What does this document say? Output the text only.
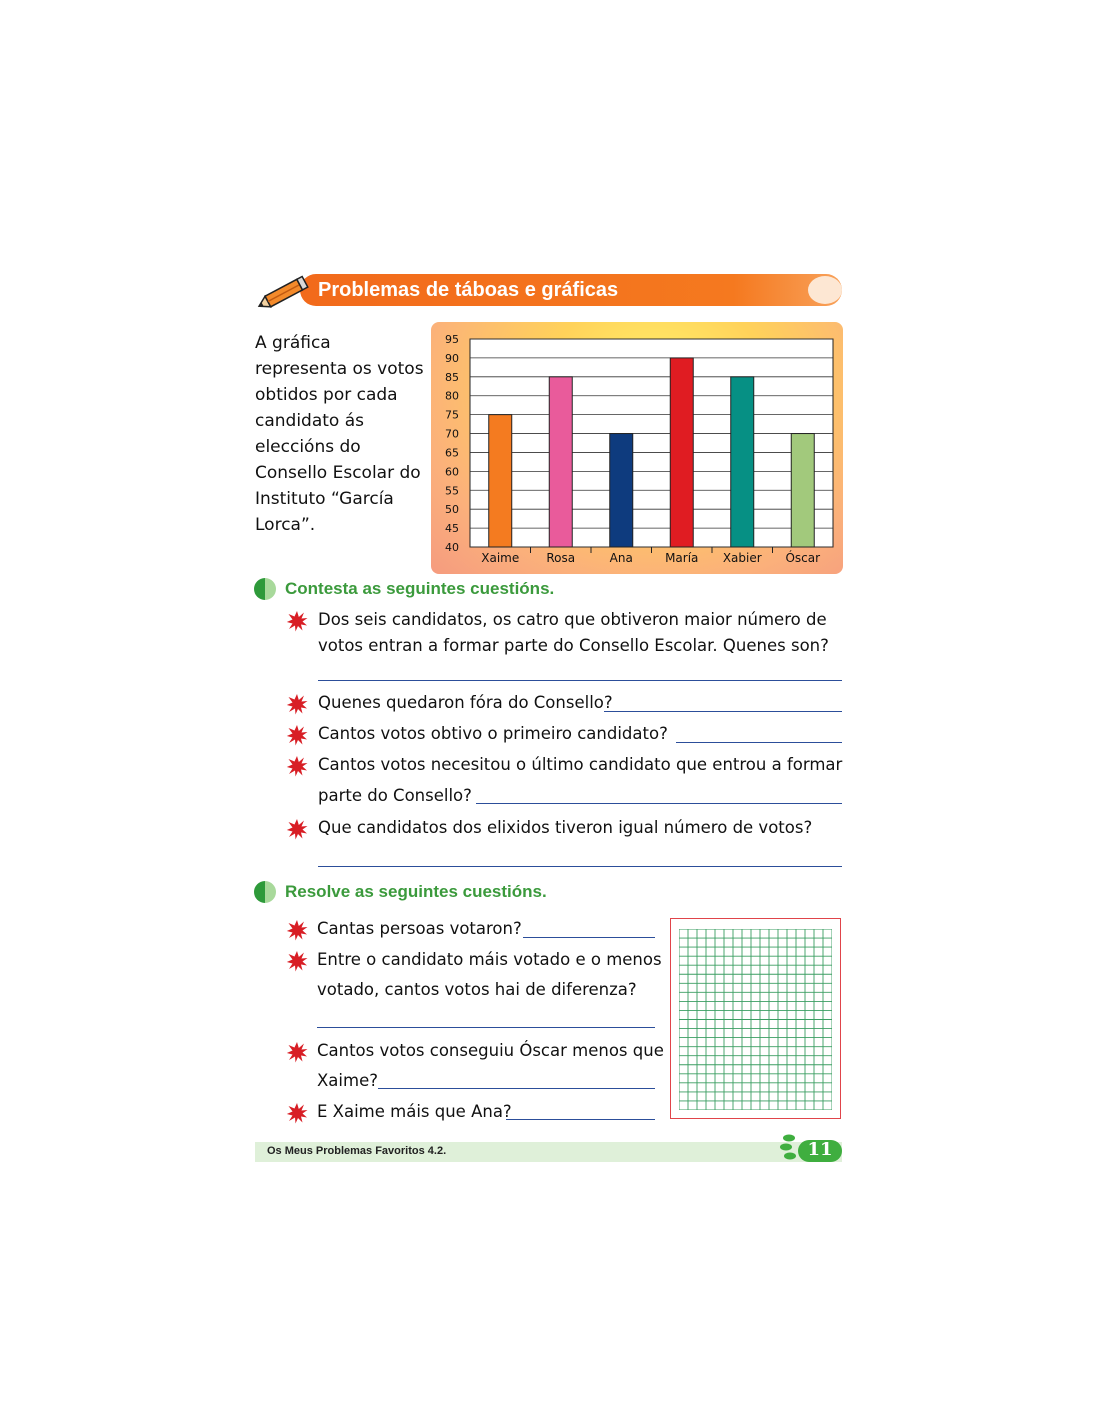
Problemas de táboas e gráficas
A gráfica representa os votos obtidos por cada candidato ás eleccións do Consello Escolar do Instituto “García Lorca”.
40
45
50
55
60
65
70
75
80
85
90
95
Xaime Rosa	Ana	María Xabier Óscar
Contesta as seguintes cuestións.
Dos seis candidatos, os catro que obtiveron maior número de
votos entran a formar parte do Consello Escolar. Quenes son?
Quenes quedaron fóra do Consello?
Cantos votos obtivo o primeiro candidato?
Cantos votos necesitou o último candidato que entrou a formar
parte do Consello?
Que candidatos dos elixidos tiveron igual número de votos?
Resolve as seguintes cuestións.
Cantas persoas votaron?
Entre o candidato máis votado e o menos
votado, cantos votos hai de diferenza?
Cantos votos conseguiu Óscar menos que
Xaime?
E Xaime máis que Ana?
Os Meus Problemas Favoritos 4.2.	11
